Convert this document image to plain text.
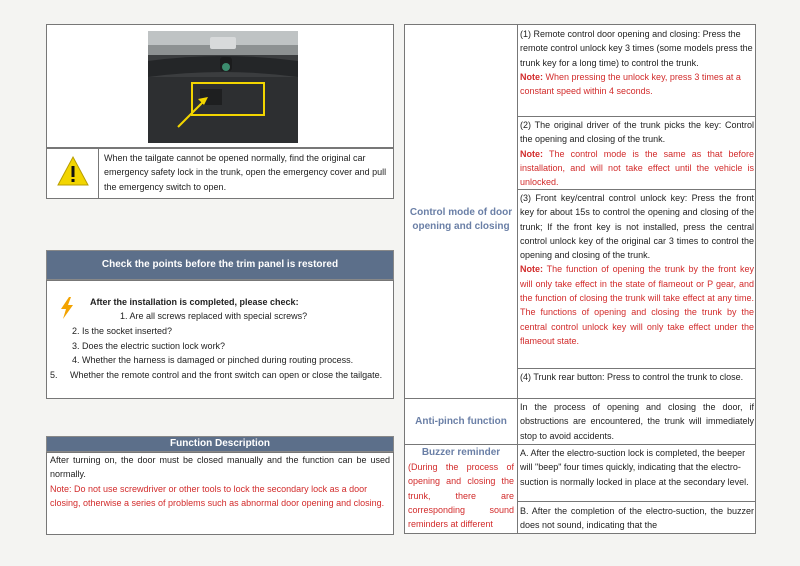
When the tailgate cannot be opened normally, find the original car emergency safety lock in the trunk, open the emergency cover and pull the emergency switch to open.

Check the points before the trim panel is restored

After the installation is completed, please check:

1. Are all screws replaced with special screws?

2. Is the socket inserted?

3. Does the electric suction lock work?

4. Whether the harness is damaged or pinched during routing process.

5.     Whether the remote control and the front switch can open or close the tailgate.

Function Description

After turning on, the door must be closed manually and the function can be used normally.

Note: Do not use screwdriver or other tools to lock the secondary lock as a door closing, otherwise a series of problems such as abnormal door opening and closing.

Control mode of door opening and closing

(1) Remote control door opening and closing: Press the remote control unlock key 3 times (some models press the trunk key for a long time) to control the trunk.

Note: When pressing the unlock key, press 3 times at a constant speed within 4 seconds.

(2) The original driver of the trunk picks the key: Control the opening and closing of the trunk.

Note: The control mode is the same as that before installation, and will not take effect until the vehicle is unlocked.

(3) Front key/central control unlock key: Press the front key for about 15s to control the opening and closing of the trunk; If the front key is not installed, press the central control unlock key of the original car 3 times to control the opening and closing of the trunk.

Note: The function of opening the trunk by the front key will only take effect in the state of flameout or P gear, and the function of closing the trunk will take effect at any time. The functions of opening and closing the trunk by the central control unlock key will only take effect under the flameout state.

(4) Trunk rear button: Press to control the trunk to close.

Anti-pinch function

In the process of opening and closing the door, if obstructions are encountered, the trunk will immediately stop to avoid accidents.

Buzzer reminder

(During the process of opening and closing the trunk, there are corresponding sound reminders at different

A. After the electro-suction lock is completed, the beeper will "beep" four times quickly, indicating that the electro-suction is normally locked in place at the secondary level.

B. After the completion of the electro-suction, the buzzer does not sound, indicating that the
